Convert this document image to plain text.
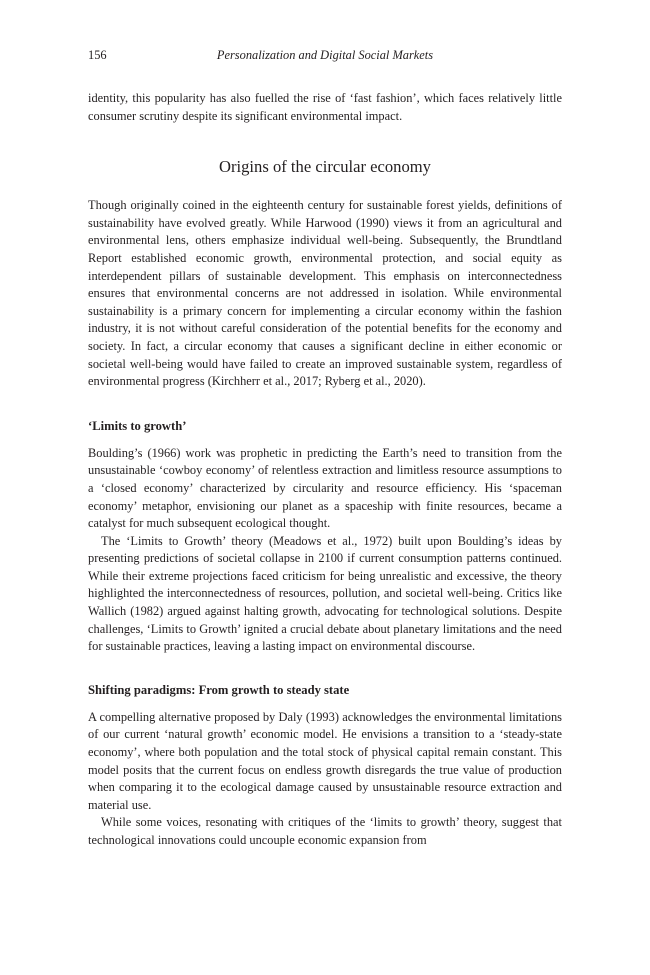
156	Personalization and Digital Social Markets

identity, this popularity has also fuelled the rise of ‘fast fashion’, which faces relatively little consumer scrutiny despite its significant environmental impact.

Origins of the circular economy

Though originally coined in the eighteenth century for sustainable forest yields, definitions of sustainability have evolved greatly. While Harwood (1990) views it from an agricultural and environmental lens, others emphasize individual well-being. Subsequently, the Brundtland Report established economic growth, environmental protection, and social equity as interdependent pillars of sustainable development. This emphasis on interconnectedness ensures that environmental concerns are not addressed in isolation. While environmental sustainability is a primary concern for implementing a circular economy within the fashion industry, it is not without careful consideration of the potential benefits for the economy and society. In fact, a circular economy that causes a significant decline in either economic or societal well-being would have failed to create an improved sustainable system, regardless of environmental progress (Kirchherr et al., 2017; Ryberg et al., 2020).

‘Limits to growth’

Boulding’s (1966) work was prophetic in predicting the Earth’s need to transition from the unsustainable ‘cowboy economy’ of relentless extraction and limitless resource assumptions to a ‘closed economy’ characterized by circularity and resource efficiency. His ‘spaceman economy’ metaphor, envisioning our planet as a spaceship with finite resources, became a catalyst for much subsequent ecological thought.

The ‘Limits to Growth’ theory (Meadows et al., 1972) built upon Boulding’s ideas by presenting predictions of societal collapse in 2100 if current consumption patterns continued. While their extreme projections faced criticism for being unrealistic and excessive, the theory highlighted the interconnectedness of resources, pollution, and societal well-being. Critics like Wallich (1982) argued against halting growth, advocating for technological solutions. Despite challenges, ‘Limits to Growth’ ignited a crucial debate about planetary limitations and the need for sustainable practices, leaving a lasting impact on environmental discourse.

Shifting paradigms: From growth to steady state

A compelling alternative proposed by Daly (1993) acknowledges the environmental limitations of our current ‘natural growth’ economic model. He envisions a transition to a ‘steady-state economy’, where both population and the total stock of physical capital remain constant. This model posits that the current focus on endless growth disregards the true value of production when comparing it to the ecological damage caused by unsustainable resource extraction and material use.

While some voices, resonating with critiques of the ‘limits to growth’ theory, suggest that technological innovations could uncouple economic expansion from
